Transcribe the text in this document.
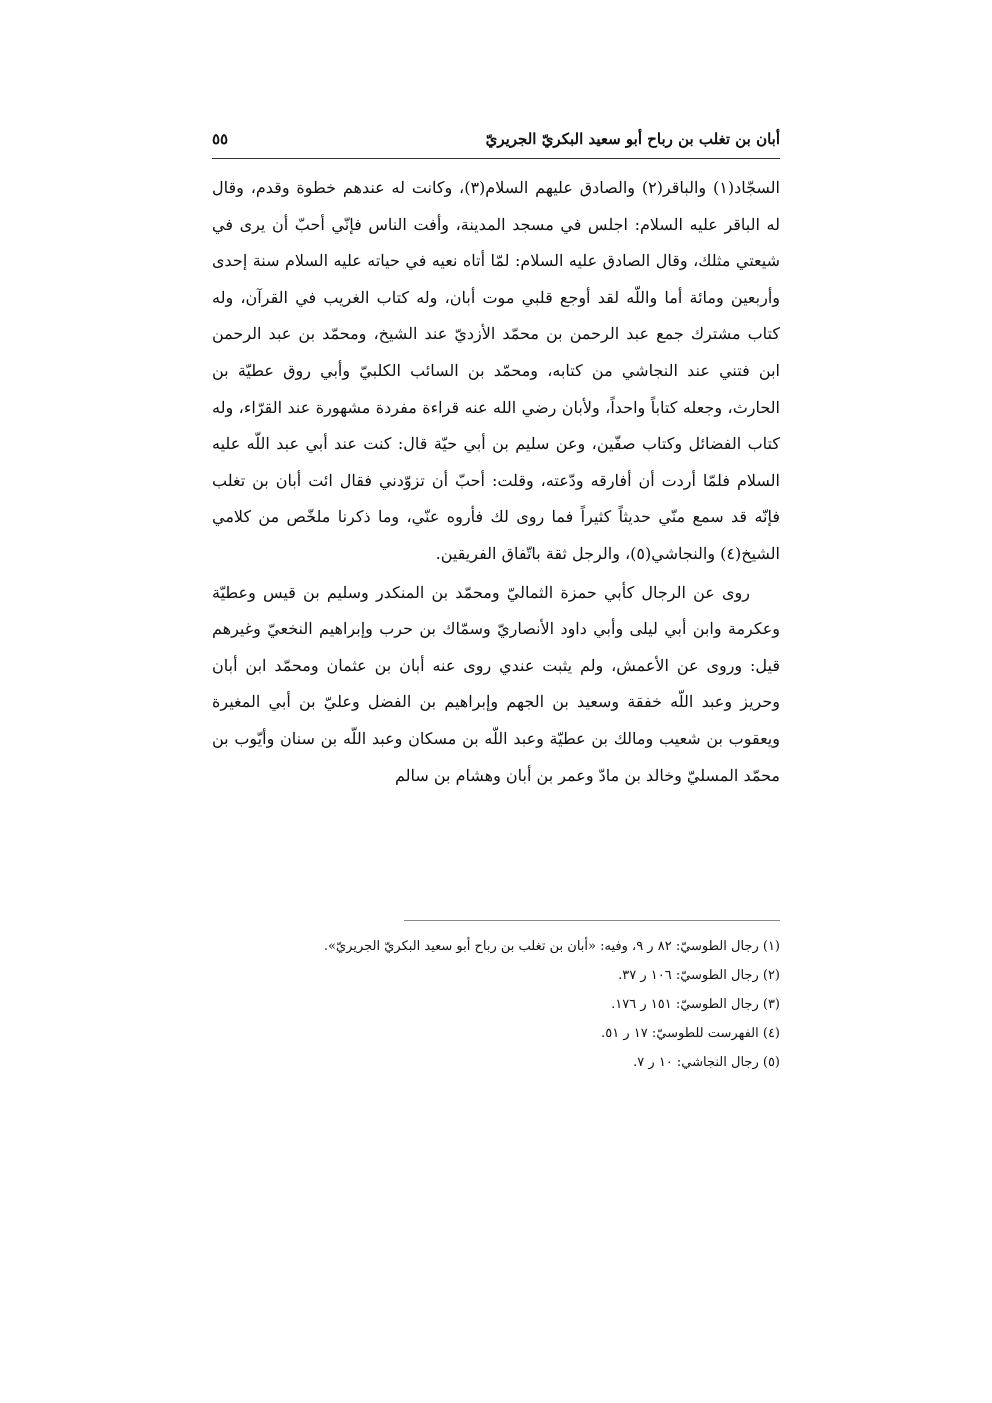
أبان بن تغلب بن رباح أبو سعيد البكريّ الجريريّ
٥٥

السجّاد(١) والباقر(٢) والصادق عليهم السلام(٣)، وكانت له عندهم خطوة وقدم، وقال له الباقر عليه السلام: اجلس في مسجد المدينة، وأفت الناس فإنّي أحبّ أن يرى في شيعتي مثلك، وقال الصادق عليه السلام: لمّا أتاه نعيه في حياته عليه السلام سنة إحدى وأربعين ومائة أما واللّه لقد أوجع قلبي موت أبان، وله كتاب الغريب في القرآن، وله كتاب مشترك جمع عبد الرحمن بن محمّد الأزديّ عند الشيخ، ومحمّد بن عبد الرحمن ابن فتني عند النجاشي من كتابه، ومحمّد بن السائب الكلبيّ وأبي روق عطيّة بن الحارث، وجعله كتاباً واحداً، ولأبان رضي الله عنه قراءة مفردة مشهورة عند القرّاء، وله كتاب الفضائل وكتاب صفّين، وعن سليم بن أبي حيّة قال: كنت عند أبي عبد اللّه عليه السلام فلمّا أردت أن أفارقه ودّعته، وقلت: أحبّ أن تزوّدني فقال ائت أبان بن تغلب فإنّه قد سمع منّي حديثاً كثيراً فما روى لك فأروه عنّي، وما ذكرنا ملخّص من كلامي الشيخ(٤) والنجاشي(٥)، والرجل ثقة باتّفاق الفريقين.

روى عن الرجال كأبي حمزة الثماليّ ومحمّد بن المنكدر وسليم بن قيس وعطيّة وعكرمة وابن أبي ليلى وأبي داود الأنصاريّ وسمّاك بن حرب وإبراهيم النخعيّ وغيرهم قيل: وروى عن الأعمش، ولم يثبت عندي روى عنه أبان بن عثمان ومحمّد ابن أبان وحريز وعبد اللّه خفقة وسعيد بن الجهم وإبراهيم بن الفضل وعليّ بن أبي المغيرة ويعقوب بن شعيب ومالك بن عطيّة وعبد اللّه بن مسكان وعبد اللّه بن سنان وأيّوب بن محمّد المسليّ وخالد بن مادّ وعمر بن أبان وهشام بن سالم

(١) رجال الطوسيّ: ٨٢ ر ٩، وفيه: «أبان بن تغلب بن رباح أبو سعيد البكريّ الجريريّ».
(٢) رجال الطوسيّ: ١٠٦ ر ٣٧.
(٣) رجال الطوسيّ: ١٥١ ر ١٧٦.
(٤) الفهرست للطوسيّ: ١٧ ر ٥١.
(٥) رجال النجاشي: ١٠ ر ٧.
